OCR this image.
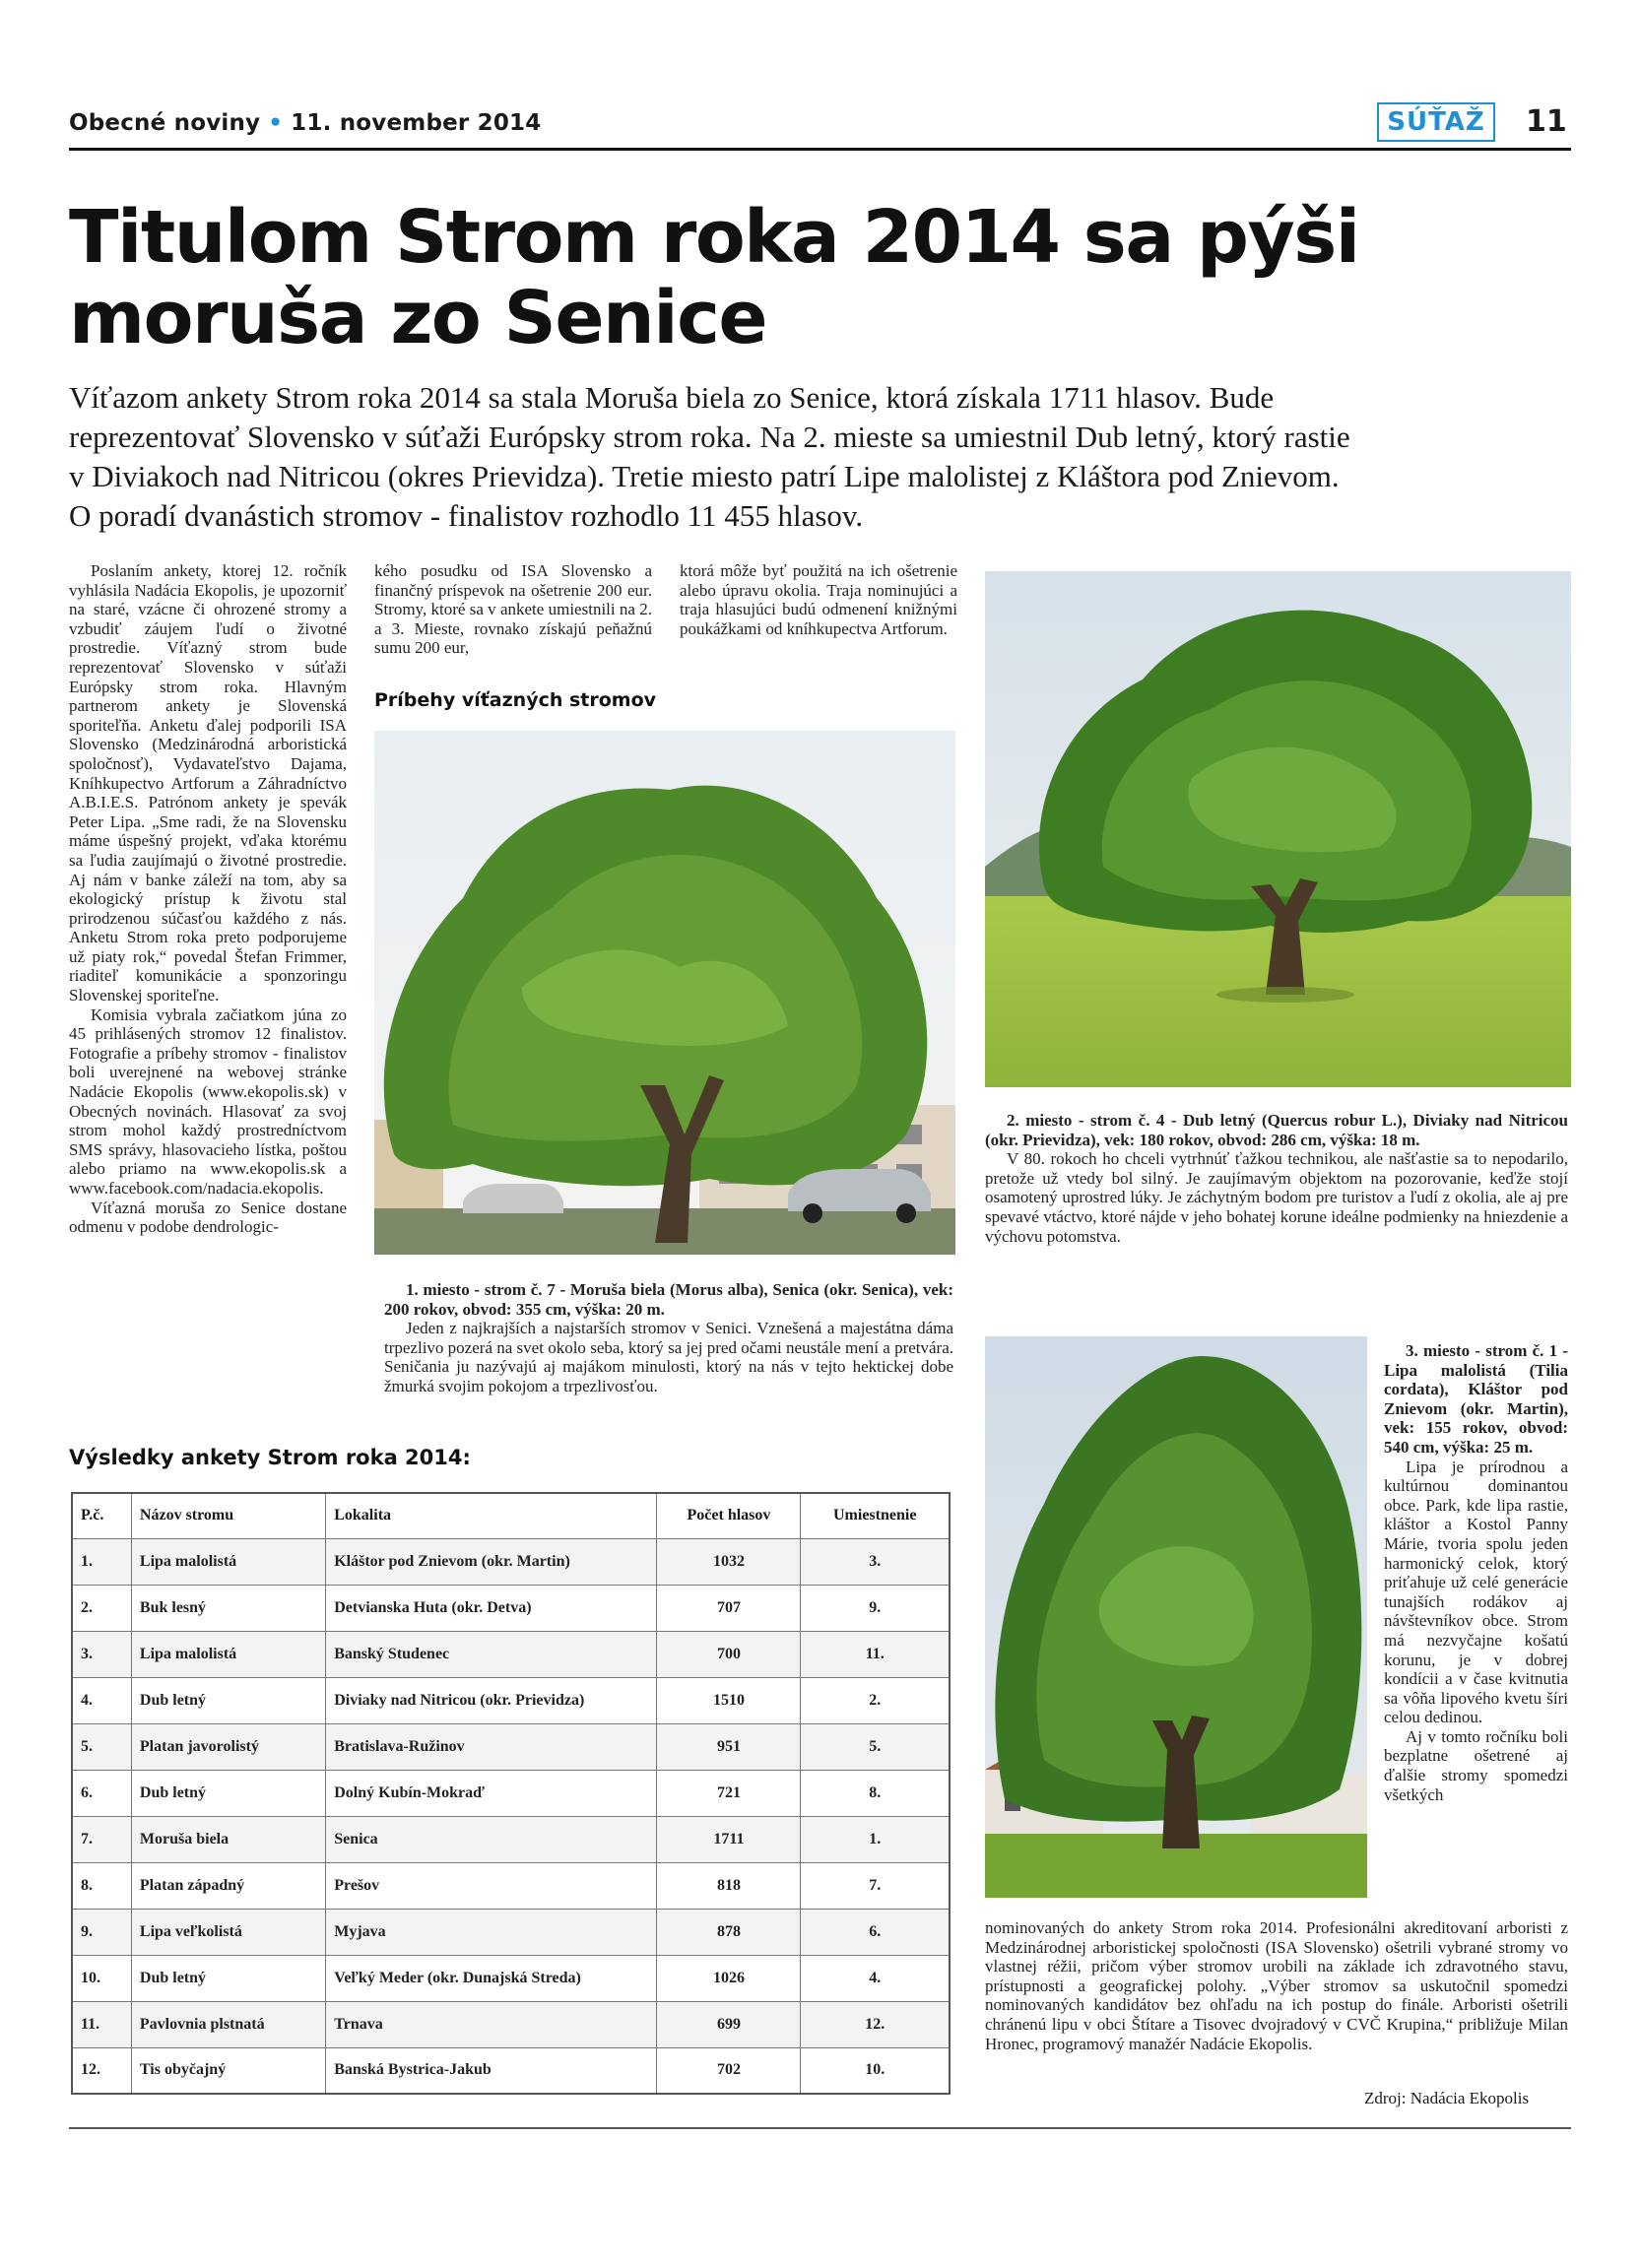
Obecné noviny • 11. november 2014	SÚŤAŽ	11
Titulom Strom roka 2014 sa pýši
moruša zo Senice
Víťazom ankety Strom roka 2014 sa stala Moruša biela zo Senice, ktorá získala 1711 hlasov. Bude
reprezentovať Slovensko v súťaži Európsky strom roka. Na 2. mieste sa umiestnil Dub letný, ktorý rastie
v Diviakoch nad Nitricou (okres Prievidza). Tretie miesto patrí Lipe malolistej z Kláštora pod Znievom.
O poradí dvanástich stromov - finalistov rozhodlo 11 455 hlasov.

Poslaním ankety, ktorej 12. ročník vyhlásila Nadácia Ekopolis, je upozorniť na staré, vzácne či ohrozené stromy a vzbudiť záujem ľudí o životné prostredie. Víťazný strom bude reprezentovať Slovensko v súťaži Európsky strom roka. Hlavným partnerom ankety je Slovenská sporiteľňa. Anketu ďalej podporili ISA Slovensko (Medzinárodná arboristická spoločnosť), Vydavateľstvo Dajama, Kníhkupectvo Artforum a Záhradníctvo A.B.I.E.S. Patrónom ankety je spevák Peter Lipa. „Sme radi, že na Slovensku máme úspešný projekt, vďaka ktorému sa ľudia zaujímajú o životné prostredie. Aj nám v banke záleží na tom, aby sa ekologický prístup k životu stal prirodzenou súčasťou každého z nás. Anketu Strom roka preto podporujeme už piaty rok,“ povedal Štefan Frimmer, riaditeľ komunikácie a sponzoringu Slovenskej sporiteľne.

Komisia vybrala začiatkom júna zo 45 prihlásených stromov 12 finalistov. Fotografie a príbehy stromov - finalistov boli uverejnené na webovej stránke Nadácie Ekopolis (www.ekopolis.sk) v Obecných novinách. Hlasovať za svoj strom mohol každý prostredníctvom SMS správy, hlasovacieho lístka, poštou alebo priamo na www.ekopolis.sk a www.facebook.com/nadacia.ekopolis.

Víťazná moruša zo Senice dostane odmenu v podobe dendrologic-

kého posudku od ISA Slovensko a finančný príspevok na ošetrenie 200 eur. Stromy, ktoré sa v ankete umiestnili na 2. a 3. Mieste, rovnako získajú peňažnú sumu 200 eur,

Príbehy víťazných stromov

ktorá môže byť použitá na ich ošetrenie alebo úpravu okolia. Traja nominujúci a traja hlasujúci budú odmenení knižnými poukážkami od kníhkupectva Artforum.

1. miesto - strom č. 7 - Moruša biela (Morus alba), Senica (okr. Senica), vek: 200 rokov, obvod: 355 cm, výška: 20 m.

Jeden z najkrajších a najstarších stromov v Senici. Vznešená a majestátna dáma trpezlivo pozerá na svet okolo seba, ktorý sa jej pred očami neustále mení a pretvára. Seničania ju nazývajú aj majákom minulosti, ktorý na nás v tejto hektickej dobe žmurká svojim pokojom a trpezlivosťou.

2. miesto - strom č. 4 - Dub letný (Quercus robur L.), Diviaky nad Nitricou (okr. Prievidza), vek: 180 rokov, obvod: 286 cm, výška: 18 m.

V 80. rokoch ho chceli vytrhnúť ťažkou technikou, ale našťastie sa to nepodarilo, pretože už vtedy bol silný. Je zaujímavým objektom na pozorovanie, keďže stojí osamotený uprostred lúky. Je záchytným bodom pre turistov a ľudí z okolia, ale aj pre spevavé vtáctvo, ktoré nájde v jeho bohatej korune ideálne podmienky na hniezdenie a výchovu potomstva.

3. miesto - strom č. 1 - Lipa malolistá (Tilia cordata), Kláštor pod Znievom (okr. Martin), vek: 155 rokov, obvod: 540 cm, výška: 25 m.

Lipa je prírodnou a kultúrnou dominantou obce. Park, kde lipa rastie, kláštor a Kostol Panny Márie, tvoria spolu jeden harmonický celok, ktorý priťahuje už celé generácie tunajších rodákov aj návštevníkov obce. Strom má nezvyčajne košatú korunu, je v dobrej kondícii a v čase kvitnutia sa vôňa lipového kvetu šíri celou dedinou.

Aj v tomto ročníku boli bezplatne ošetrené aj ďalšie stromy spomedzi všetkých

nominovaných do ankety Strom roka 2014. Profesionálni akreditovaní arboristi z Medzinárodnej arboristickej spoločnosti (ISA Slovensko) ošetrili vybrané stromy vo vlastnej réžii, pričom výber stromov urobili na základe ich zdravotného stavu, prístupnosti a geografickej polohy. „Výber stromov sa uskutočnil spomedzi nominovaných kandidátov bez ohľadu na ich postup do finále. Arboristi ošetrili chránenú lipu v obci Štítare a Tisovec dvojradový v CVČ Krupina,“ približuje Milan Hronec, programový manažér Nadácie Ekopolis.

Zdroj: Nadácia Ekopolis
Výsledky ankety Strom roka 2014:
P.č.	Názov stromu	Lokalita	Počet hlasov	Umiestnenie
1.	Lipa malolistá	Kláštor pod Znievom (okr. Martin)	1032	3.
2.	Buk lesný	Detvianska Huta (okr. Detva)	707	9.
3.	Lipa malolistá	Banský Studenec	700	11.
4.	Dub letný	Diviaky nad Nitricou (okr. Prievidza)	1510	2.
5.	Platan javorolistý	Bratislava-Ružinov	951	5.
6.	Dub letný	Dolný Kubín-Mokraď	721	8.
7.	Moruša biela	Senica	1711	1.
8.	Platan západný	Prešov	818	7.
9.	Lipa veľkolistá	Myjava	878	6.
10.	Dub letný	Veľký Meder (okr. Dunajská Streda)	1026	4.
11.	Pavlovnia plstnatá	Trnava	699	12.
12.	Tis obyčajný	Banská Bystrica-Jakub	702	10.
